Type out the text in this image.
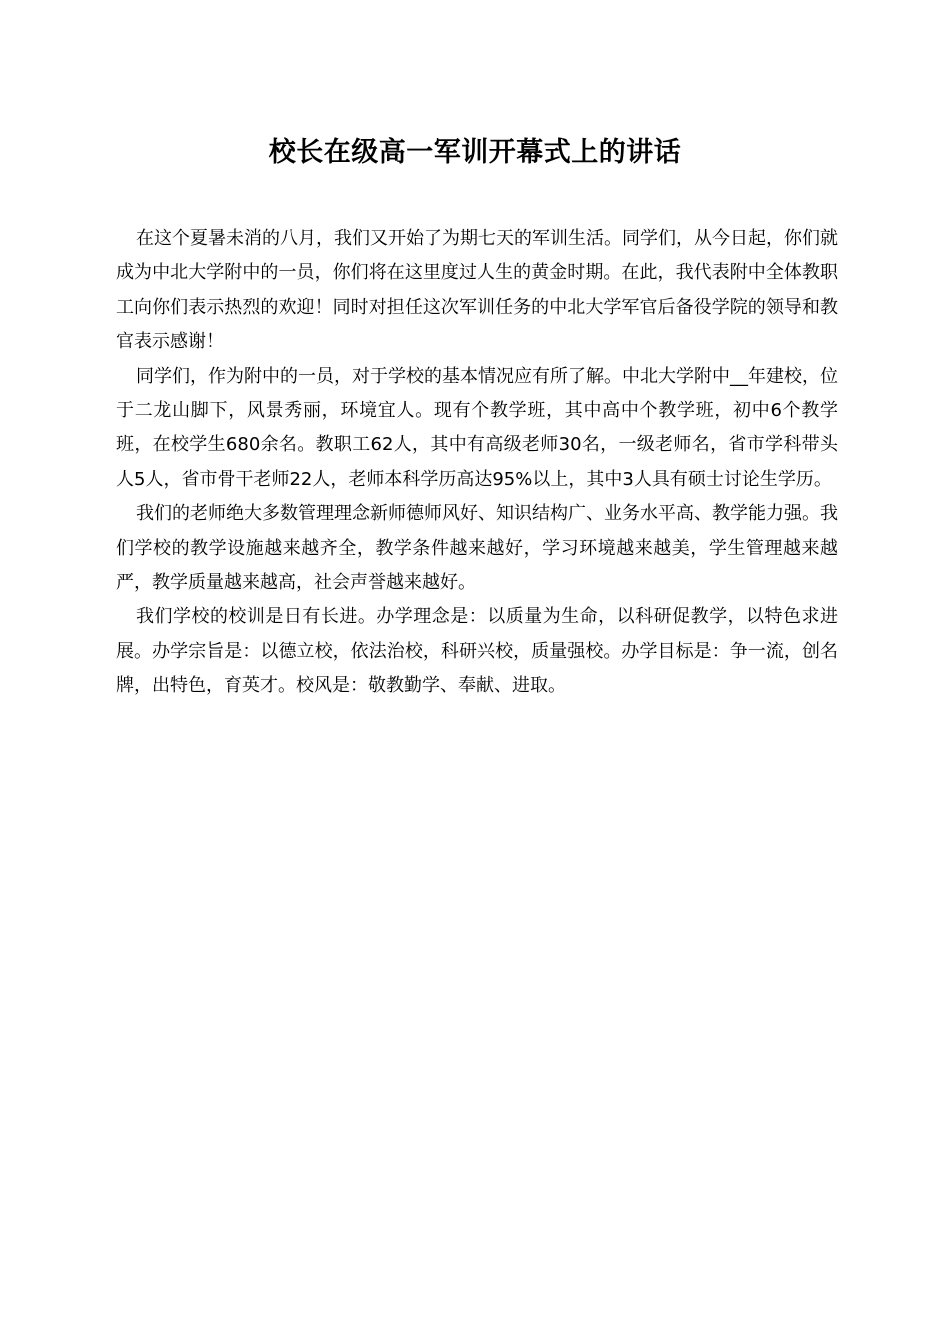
校长在级高一军训开幕式上的讲话

在这个夏暑未消的八月，我们又开始了为期七天的军训生活。同学们，从今日起，你们就成为中北大学附中的一员，你们将在这里度过人生的黄金时期。在此，我代表附中全体教职工向你们表示热烈的欢迎！同时对担任这次军训任务的中北大学军官后备役学院的领导和教官表示感谢！

同学们，作为附中的一员，对于学校的基本情况应有所了解。中北大学附中__年建校，位于二龙山脚下，风景秀丽，环境宜人。现有个教学班，其中高中个教学班，初中6个教学班，在校学生680余名。教职工62人，其中有高级老师30名，一级老师名，省市学科带头人5人，省市骨干老师22人，老师本科学历高达95%以上，其中3人具有硕士讨论生学历。

我们的老师绝大多数管理理念新师德师风好、知识结构广、业务水平高、教学能力强。我们学校的教学设施越来越齐全，教学条件越来越好，学习环境越来越美，学生管理越来越严，教学质量越来越高，社会声誉越来越好。

我们学校的校训是日有长进。办学理念是：以质量为生命，以科研促教学，以特色求进展。办学宗旨是：以德立校，依法治校，科研兴校，质量强校。办学目标是：争一流，创名牌，出特色，育英才。校风是：敬教勤学、奉献、进取。
